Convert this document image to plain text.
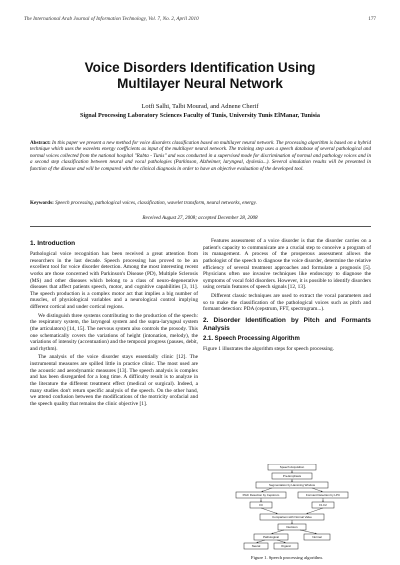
The International Arab Journal of Information Technology, Vol. 7, No. 2, April 2010	177
Voice Disorders Identification Using
Multilayer Neural Network
Lotfi Salhi, Talbi Mourad, and Adnene Cherif
Signal Processing Laboratory Sciences Faculty of Tunis, University Tunis ElManar, Tunisia
Abstract: In this paper we present a new method for voice disorders classification based on multilayer neural network. The processing algorithm is based on a hybrid technique which uses the wavelets energy coefficients as input of the multilayer neural network. The training step uses a speech database of several pathological and normal voices collected from the national hospital "Rabta - Tunis" and was conducted in a supervised mode for discrimination of normal and pathology voices and in a second step classification between neural and vocal pathologies (Parkinson, Alzheimer, laryngeal, dyslexia...). Several simulation results will be presented in function of the disease and will be compared with the clinical diagnosis in order to have an objective evaluation of the developed tool.
Keywords: Speech processing, pathological voices, classification, wavelet transform, neural networks, energy.
Received August 27, 2008; accepted December 28, 2008
1. Introduction

Pathological voice recognition has been received a great attention from researchers in the last decade. Speech processing has proved to be an excellent tool for voice disorder detection. Among the most interesting recent works are those concerned with Parkinson's Disease (PD), Multiple Sclerosis (MS) and other diseases which belong to a class of neuro-degenerative diseases that affect patients speech, motor, and cognitive capabilities [3, 11]. The speech production is a complex motor act that implies a big number of muscles, of physiological variables and a neurological control implying different cortical and under cortical regions.

We distinguish three systems contributing to the production of the speech: the respiratory system, the laryngeal system and the supra-laryngeal system (the articulators) [14, 15]. The nervous system also controls the prosody. This one schematically covers the variations of height (intonation, melody), the variations of intensity (accentuation) and the temporal progress (pauses, debit, and rhythm).

The analysis of the voice disorder stays essentially clinic [12]. The instrumental measures are spilled little in practice clinic. The most used are the acoustic and aerodynamic measures [13]. The speech analysis is complex and has been disregarded for a long time. A difficulty result is to analyze in the literature the different treatment effect (medical or surgical). Indeed, a many studies don't return specific analysis of the speech. On the other hand, we attend confusion between the modifications of the motricity orofacial and the speech quality that remains the clinic objective [1].

Features assessment of a voice disorder is that the disorder carries on a patient's capacity to communicate are a crucial step to conceive a program of its management. A process of the prosperous assessment allows the pathologist of the speech to diagnose the voice disorder, determine the relative efficiency of several treatment approaches and formulate a prognosis [5]. Physicians often use invasive techniques like endoscopy to diagnose the symptoms of vocal fold disorders. However, it is possible to identify disorders using certain features of speech signals [12, 13].

Different classic techniques are used to extract the vocal parameters and so to make the classification of the pathological voices such as pitch and formant detection: PDA (cepstrum, FFT, spectrogram...).

2. Disorder Identification by Pitch and Formants Analysis
2.1. Speech Processing Algorithm

Figure 1 illustrates the algorithm steps for speech processing.

Speech Acquisition
Pre-Emphasis
Segmentation by Hamming Window
Pitch Detection by Cepstrum	Formant Detection by LPC
F0	F1 F2
Comparison with Normal Value
Decision
Pathological	Normal
Neural	Organic
Figure 1. Speech processing algorithm.
